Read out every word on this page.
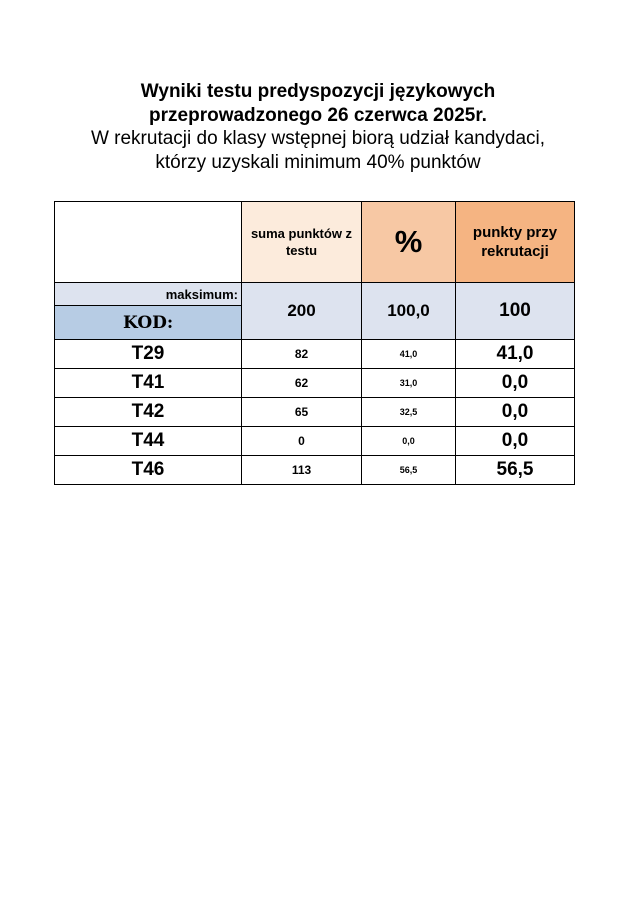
Wyniki testu predyspozycji językowych
przeprowadzonego 26 czerwca 2025r.
W rekrutacji do klasy wstępnej biorą udział kandydaci,
którzy uzyskali minimum 40% punktów
	suma punktów z testu	%	punkty przy rekrutacji
maksimum:	200	100,0	100
KOD:			
T29	82	41,0	41,0
T41	62	31,0	0,0
T42	65	32,5	0,0
T44	0	0,0	0,0
T46	113	56,5	56,5
